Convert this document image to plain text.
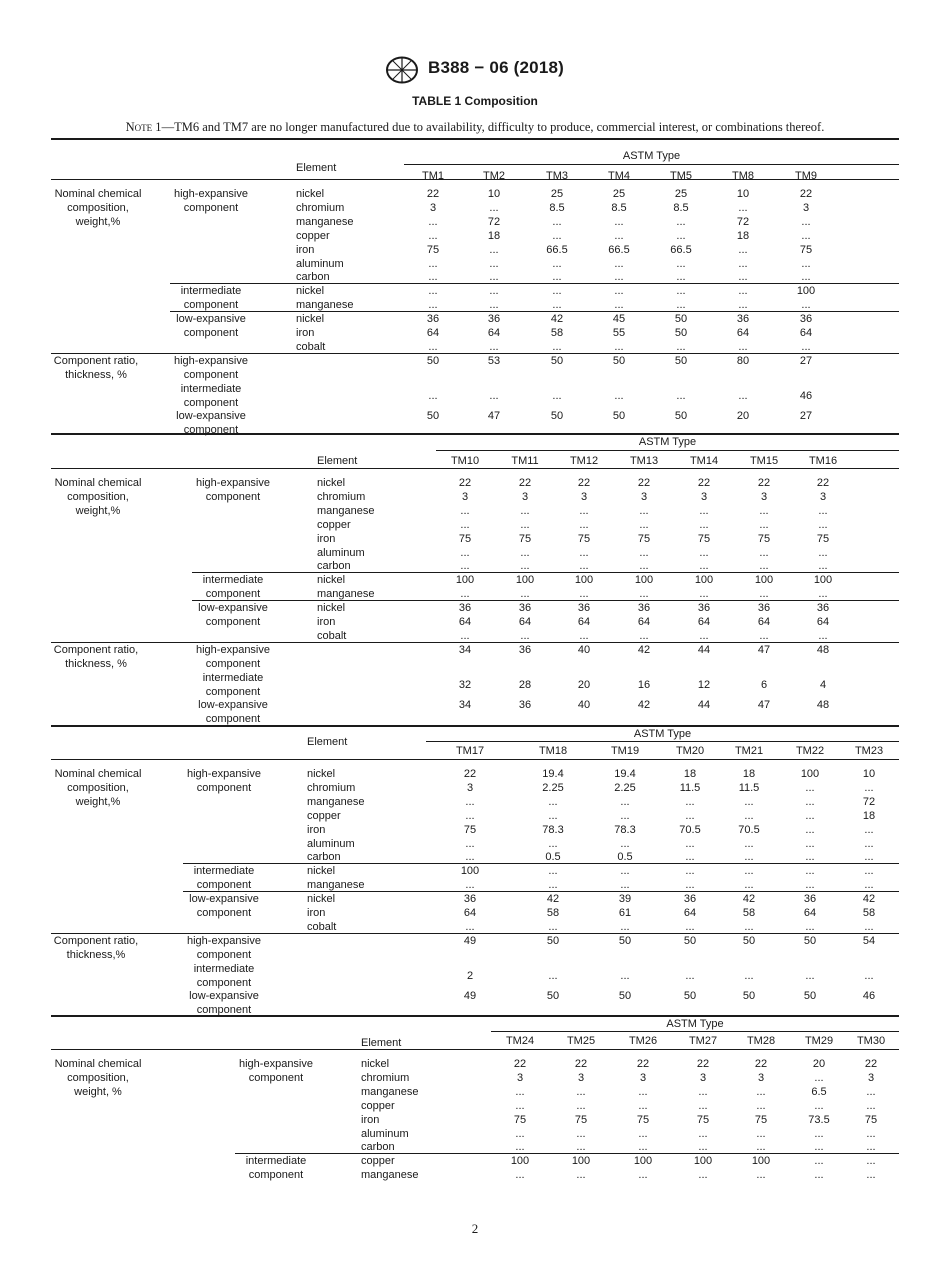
B388 − 06 (2018)
TABLE 1 Composition
Note 1—TM6 and TM7 are no longer manufactured due to availability, difficulty to produce, commercial interest, or combinations thereof.
ASTM Type
Element
TM1	TM2	TM3	TM4	TM5	TM8	TM9
Nominal chemical
composition,
weight,%
high-expansive
component
nickel	22	10	25	25	25	10	22
chromium	3	...	8.5	8.5	8.5	...	3
manganese	...	72	...	...	...	72	...
copper	...	18	...	...	...	18	...
iron	75	...	66.5	66.5	66.5	...	75
aluminum	...	...	...	...	...	...	...
carbon	...	...	...	...	...	...	...
intermediate
component
nickel	...	...	...	...	...	...	100
manganese	...	...	...	...	...	...	...
low-expansive
component
nickel	36	36	42	45	50	36	36
iron	64	64	58	55	50	64	64
cobalt	...	...	...	...	...	...	...
Component ratio,
thickness, %
high-expansive
component
50	53	50	50	50	80	27
intermediate
component
...	...	...	...	...	...	46
low-expansive
component
50	47	50	50	50	20	27
ASTM Type
Element	TM10	TM11	TM12	TM13	TM14	TM15	TM16
Nominal chemical
composition,
weight,%
high-expansive
component
nickel	22	22	22	22	22	22	22
chromium	3	3	3	3	3	3	3
manganese	...	...	...	...	...	...	...
copper	...	...	...	...	...	...	...
iron	75	75	75	75	75	75	75
aluminum	...	...	...	...	...	...	...
carbon	...	...	...	...	...	...	...
intermediate
component
nickel	100	100	100	100	100	100	100
manganese	...	...	...	...	...	...	...
low-expansive
component
nickel	36	36	36	36	36	36	36
iron	64	64	64	64	64	64	64
cobalt	...	...	...	...	...	...	...
Component ratio,
thickness, %
high-expansive
component
34	36	40	42	44	47	48
intermediate
component
32	28	20	16	12	6	4
low-expansive
component
34	36	40	42	44	47	48
ASTM Type
Element
TM17	TM18	TM19	TM20	TM21	TM22	TM23
Nominal chemical
composition,
weight,%
high-expansive
component
nickel	22	19.4	19.4	18	18	100	10
chromium	3	2.25	2.25	11.5	11.5	...	...
manganese	...	...	...	...	...	...	72
copper	...	...	...	...	...	...	18
iron	75	78.3	78.3	70.5	70.5	...	...
aluminum	...	...	...	...	...	...	...
carbon	...	0.5	0.5	...	...	...	...
intermediate
component
nickel	100	...	...	...	...	...	...
manganese	...	...	...	...	...	...	...
low-expansive
component
nickel	36	42	39	36	42	36	42
iron	64	58	61	64	58	64	58
cobalt	...	...	...	...	...	...	...
Component ratio,
thickness,%
high-expansive
component
49	50	50	50	50	50	54
intermediate
component
2	...	...	...	...	...	...
low-expansive
component
49	50	50	50	50	50	46
ASTM Type
Element	TM24	TM25	TM26	TM27	TM28	TM29	TM30
Nominal chemical
composition,
weight, %
high-expansive
component
nickel	22	22	22	22	22	20	22
chromium	3	3	3	3	3	...	3
manganese	...	...	...	...	...	6.5	...
copper	...	...	...	...	...	...	...
iron	75	75	75	75	75	73.5	75
aluminum	...	...	...	...	...	...	...
carbon	...	...	...	...	...	...	...
intermediate
component
copper	100	100	100	100	100	...	...
manganese	...	...	...	...	...	...	...
2
